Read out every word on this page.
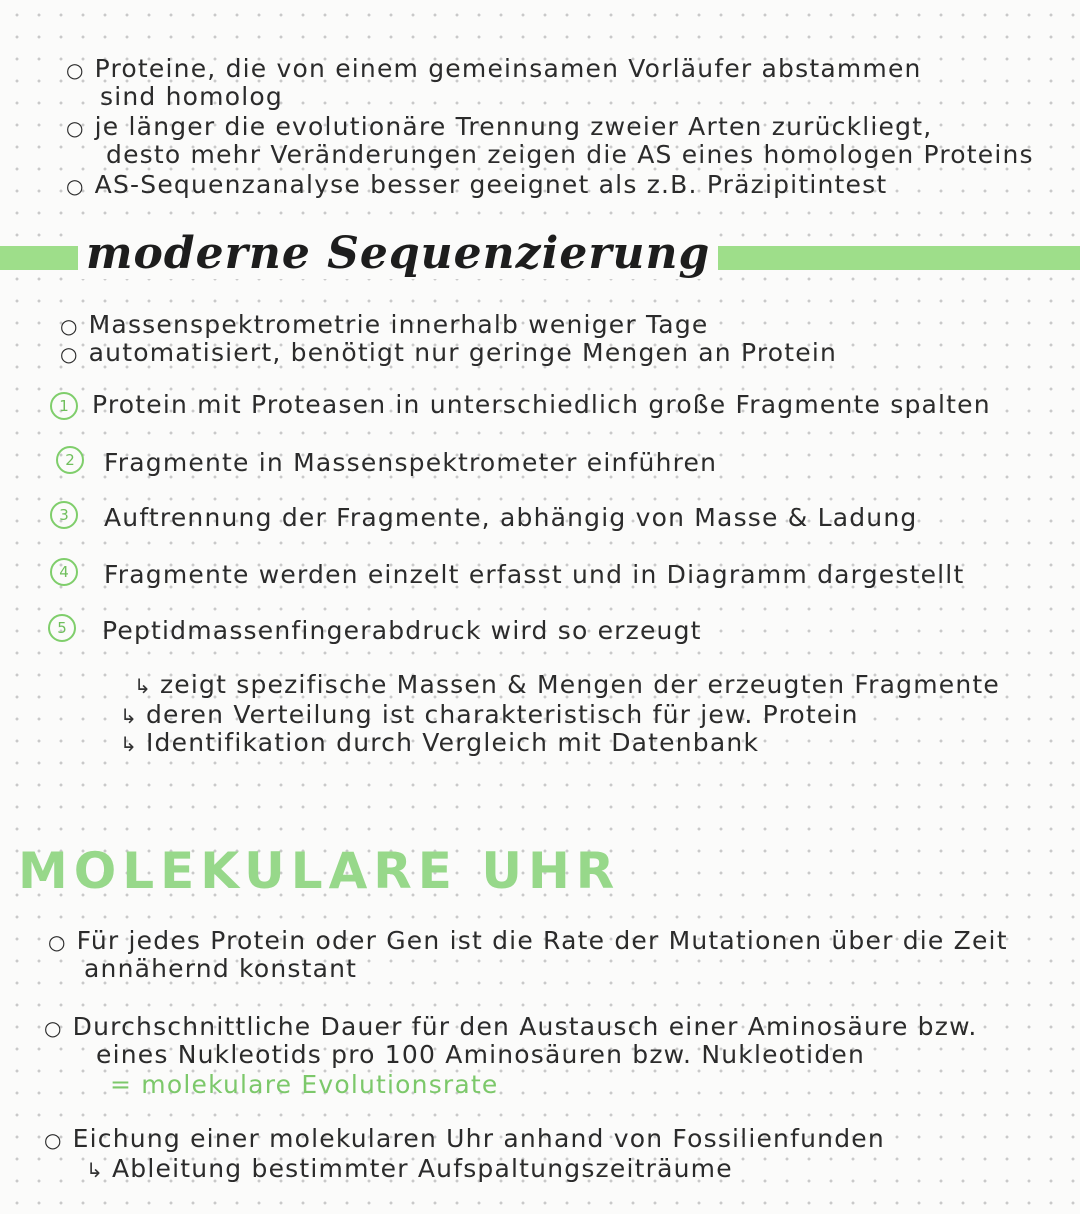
○ Proteine, die von einem gemeinsamen Vorläufer abstammen
sind homolog
○ je länger die evolutionäre Trennung zweier Arten zurückliegt,
desto mehr Veränderungen zeigen die AS eines homologen Proteins
○ AS-Sequenzanalyse besser geeignet als z.B. Präzipitintest
moderne Sequenzierung
○ Massenspektrometrie innerhalb weniger Tage
○ automatisiert, benötigt nur geringe Mengen an Protein
1 Protein mit Proteasen in unterschiedlich große Fragmente spalten
2	Fragmente in Massenspektrometer einführen
3	Auftrennung der Fragmente, abhängig von Masse & Ladung
4	Fragmente werden einzelt erfasst und in Diagramm dargestellt
5	Peptidmassenfingerabdruck wird so erzeugt
↳ zeigt spezifische Massen & Mengen der erzeugten Fragmente
↳ deren Verteilung ist charakteristisch für jew. Protein
↳ Identifikation durch Vergleich mit Datenbank
MOLEKULARE UHR
○ Für jedes Protein oder Gen ist die Rate der Mutationen über die Zeit
annähernd konstant
○ Durchschnittliche Dauer für den Austausch einer Aminosäure bzw.
eines Nukleotids pro 100 Aminosäuren bzw. Nukleotiden
= molekulare Evolutionsrate
○ Eichung einer molekularen Uhr anhand von Fossilienfunden
↳ Ableitung bestimmter Aufspaltungszeiträume
